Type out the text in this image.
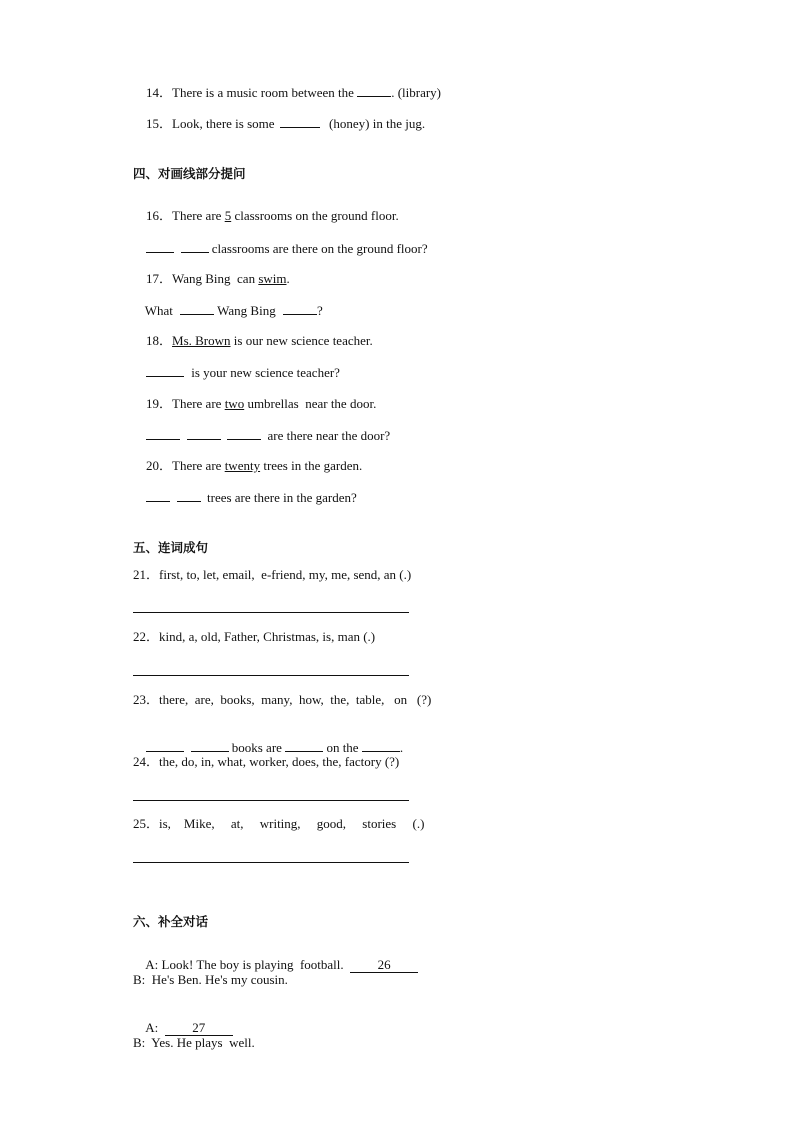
14．There is a music room between the	. (library)

15．Look, there is some	(honey) in the jug.

四、对画线部分提问

16．There are 5 classrooms on the ground floor.

classrooms are there on the ground floor?

17．Wang Bing  can swim.

What	Wang Bing	?

18．Ms. Brown is our new science teacher.

is your new science teacher?

19．There are two umbrellas  near the door.

are there near the door?

20．There are twenty trees in the garden.

trees are there in the garden?

五、连词成句
21．first, to, let, email,  e-friend, my, me, send, an (.)
22．kind, a, old, Father, Christmas, is, man (.)
23．there,  are,  books,  many,  how,  the,  table,   on   (?)

books are	on the	.

24．the, do, in, what, worker, does, the, factory (?)
25．is,    Mike,     at,     writing,     good,     stories     (.)
六、补全对话

A: Look! The boy is playing  football.  26

B:  He's Ben. He's my cousin.

A:  27

B:  Yes. He plays  well.
